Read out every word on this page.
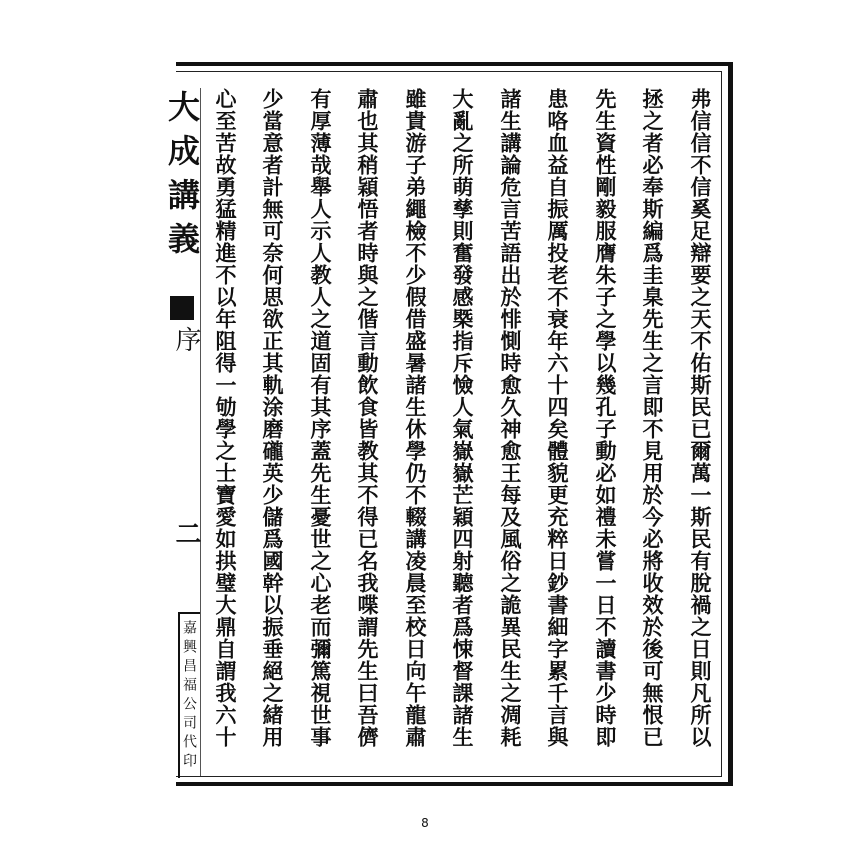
大成講義
序
二
嘉興昌福公司代印	弗信信不信奚足辯要之天不佑斯民已爾萬一斯民有脫禍之日則凡所以
拯之者必奉斯編爲圭臬先生之言即不見用於今必將收效於後可無恨已
先生資性剛毅服膺朱子之學以幾孔子動必如禮未嘗一日不讀書少時即
患咯血益自振厲投老不衰年六十四矣體貌更充粹日鈔書細字累千言與
諸生講論危言苦語出於悱惻時愈久神愈王每及風俗之詭異民生之凋耗
大亂之所萌孳則奮發感槩指斥憸人氣嶽嶽芒穎四射聽者爲悚督課諸生
雖貴游子弟繩檢不少假借盛暑諸生休學仍不輟講凌晨至校日向午龍肅
肅也其稍穎悟者時與之偕言動飲食皆教其不得已名我喋謂先生曰吾儕
有厚薄哉舉人示人教人之道固有其序蓋先生憂世之心老而彌篤視世事
少當意者計無可奈何思欲正其軌涂磨礲英少儲爲國幹以振垂絕之緒用
心至苦故勇猛精進不以年阻得一劬學之士寶愛如拱璧大鼎自謂我六十
8
